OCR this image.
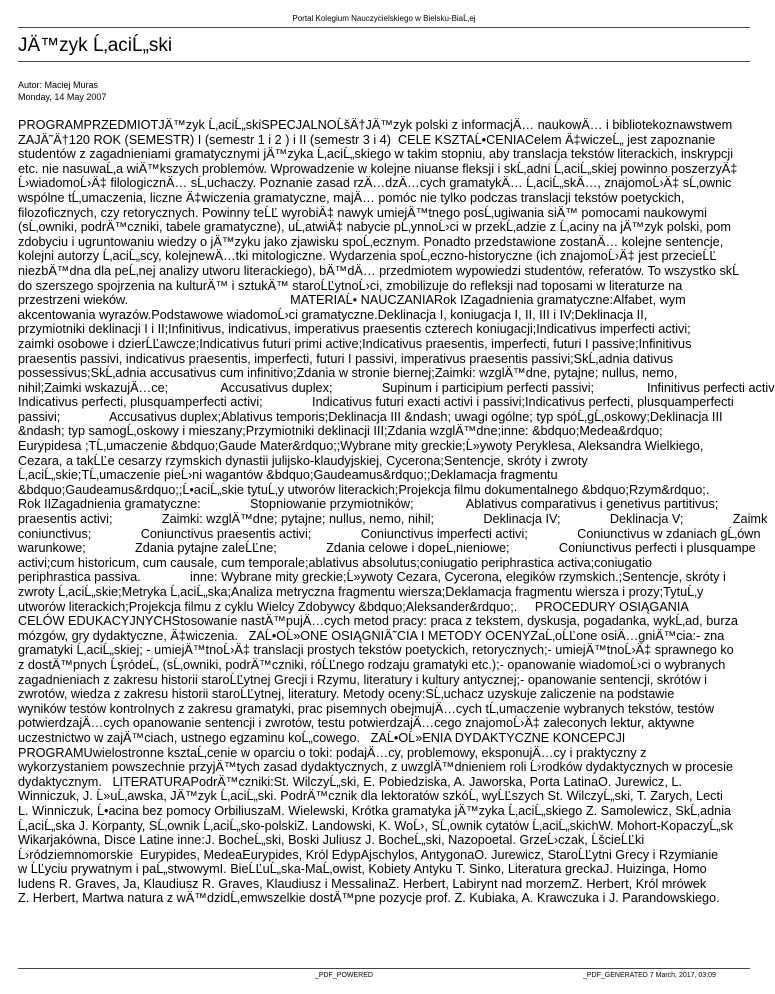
Portal Kolegium Nauczycielskiego w Bielsku-BiaĹ‚ej
JÄ™zyk Ĺ‚aciĹ„ski
Autor: Maciej Muras
Monday, 14 May 2007
PROGRAMPRZEDMIOTJÄ™zyk Ĺ‚aciĹ„skiSPECJALNOĹšÄ†JÄ™zyk polski z informacjÄ… naukowÄ… i bibliotekoznawstwem
ZAJÄ˜Ä†120 ROK (SEMESTR) I (semestr 1 i 2 ) i II (semestr 3 i 4)  CELE KSZTAĹ•CENIACelem Ä‡wiczeĹ„ jest zapoznanie
studentów z zagadnieniami gramatycznymi jÄ™zyka Ĺ‚aciĹ„skiego w takim stopniu, aby translacja tekstów literackich, inskrypcji
etc. nie nasuwaĹ‚a wiÄ™kszych problemów. Wprowadzenie w kolejne niuanse fleksji i skĹ‚adni Ĺ‚aciĹ„skiej powinno poszerzyÄ‡
Ĺ›wiadomoĹ›Ä‡ filologicznÄ… sĹ‚uchaczy. Poznanie zasad rzÄ…dzÄ…cych gramatykÄ… Ĺ‚aciĹ„skÄ…, znajomoĹ›Ä‡ sĹ‚ownic
wspólne tĹ‚umaczenia, liczne Ä‡wiczenia gramatyczne, majÄ… pomóc nie tylko podczas translacji tekstów poetyckich,
filozoficznych, czy retorycznych. Powinny teĹĽ wyrobiÄ‡ nawyk umiejÄ™tnego posĹ‚ugiwania siÄ™ pomocami naukowymi
(sĹ‚owniki, podrÄ™czniki, tabele gramatyczne), uĹ‚atwiÄ‡ nabycie pĹ‚ynnoĹ›ci w przekĹ‚adzie z Ĺ‚aciny na jÄ™zyk polski, pom
zdobyciu i ugruntowaniu wiedzy o jÄ™zyku jako zjawisku spoĹ‚ecznym. Ponadto przedstawione zostanÄ… kolejne sentencje,
kolejni autorzy Ĺ‚aciĹ„scy, kolejnewÄ…tki mitologiczne. Wydarzenia spoĹ‚eczno-historyczne (ich znajomoĹ›Ä‡ jest przecieĹĽ
niezbÄ™dna dla peĹ‚nej analizy utworu literackiego), bÄ™dÄ… przedmiotem wypowiedzi studentów, referatów. To wszystko skĹ
do szerszego spojrzenia na kulturÄ™ i sztukÄ™ staroĹĽytnoĹ›ci, zmobilizuje do refleksji nad toposami w literaturze na
przestrzeni wieków.                                              MATERIAĹ• NAUCZANIARok IZagadnienia gramatyczne:Alfabet, wym
akcentowania wyrazów.Podstawowe wiadomoĹ›ci gramatyczne.Deklinacja I, koniugacja I, II, III i IV;Deklinacja II,
przymiotniki deklinacji I i II;Infinitivus, indicativus, imperativus praesentis czterech koniugacji;Indicativus imperfecti activi;
zaimki osobowe i dzierĹĽawcze;Indicativus futuri primi active;Indicativus praesentis, imperfecti, futuri I passive;Infinitivus
praesentis passivi, indicativus praesentis, imperfecti, futuri I passivi, imperativus praesentis passivi;SkĹ‚adnia dativus
possessivus;SkĹ‚adnia accusativus cum infinitivo;Zdania w stronie biernej;Zaimki: wzglÄ™dne, pytajne; nullus, nemo,
nihil;Zaimki wskazujÄ…ce;               Accusativus duplex;              Supinum i participium perfecti passivi;               Infinitivus perfecti activ
Indicativus perfecti, plusquamperfecti activi;              Indicativus futuri exacti activi i passivi;Indicativus perfecti, plusquamperfecti
passivi;              Accusativus duplex;Ablativus temporis;Deklinacja III &ndash; uwagi ogólne; typ spóĹ‚gĹ‚oskowy;Deklinacja III
&ndash; typ samogĹ‚oskowy i mieszany;Przymiotniki deklinacji III;Zdania wzglÄ™dne;inne: &bdquo;Medea&rdquo;
Eurypidesa ;TĹ‚umaczenie &bdquo;Gaude Mater&rdquo;;Wybrane mity greckie;Ĺ»ywoty Peryklesa, Aleksandra Wielkiego,
Cezara, a takĹĽe cesarzy rzymskich dynastii julijsko-klaudyjskiej, Cycerona;Sentencje, skróty i zwroty
Ĺ‚aciĹ„skie;TĹ‚umaczenie pieĹ›ni wagantów &bdquo;Gaudeamus&rdquo;;Deklamacja fragmentu
&bdquo;Gaudeamus&rdquo;;Ĺ•aciĹ„skie tytuĹ‚y utworów literackich;Projekcja filmu dokumentalnego &bdquo;Rzym&rdquo;.
Rok IIZagadnienia gramatyczne:              Stopniowanie przymiotników;               Ablativus comparativus i genetivus partitivus;
praesentis activi;              Zaimki: wzglÄ™dne; pytajne; nullus, nemo, nihil;              Deklinacja IV;              Deklinacja V;              Zaimk
coniunctivus;              Coniunctivus praesentis activi;              Coniunctivus imperfecti activi;              Coniunctivus w zdaniach gĹ‚ówn
warunkowe;              Zdania pytajne zaleĹĽne;              Zdania celowe i dopeĹ‚nieniowe;              Coniunctivus perfecti i plusquampe
activi;cum historicum, cum causale, cum temporale;ablativus absolutus;coniugatio periphrastica activa;coniugatio
periphrastica passiva.              inne: Wybrane mity greckie;Ĺ»ywoty Cezara, Cycerona, elegików rzymskich.;Sentencje, skróty i
zwroty Ĺ‚aciĹ„skie;Metryka Ĺ‚aciĹ„ska;Analiza metryczna fragmentu wiersza;Deklamacja fragmentu wiersza i prozy;TytuĹ‚y
utworów literackich;Projekcja filmu z cyklu Wielcy Zdobywcy &bdquo;Aleksander&rdquo;.     PROCEDURY OSIĄGANIA
CELÓW EDUKACYJNYCHStosowanie nastÄ™pujÄ…cych metod pracy: praca z tekstem, dyskusja, pogadanka, wykĹ‚ad, burza
mózgów, gry dydaktyczne, Ä‡wiczenia.   ZAĹ•OĹ»ONE OSIĄGNIÄ˜CIA I METODY OCENYZaĹ‚oĹĽone osiÄ…gniÄ™cia:- zna
gramatyki Ĺ‚aciĹ„skiej; - umiejÄ™tnoĹ›Ä‡ translacji prostych tekstów poetyckich, retorycznych;- umiejÄ™tnoĹ›Ä‡ sprawnego ko
z dostÄ™pnych ĹşródeĹ‚ (sĹ‚owniki, podrÄ™czniki, róĹĽnego rodzaju gramatyki etc.);- opanowanie wiadomoĹ›ci o wybranych
zagadnieniach z zakresu historii staroĹĽytnej Grecji i Rzymu, literatury i kultury antycznej;- opanowanie sentencji, skrótów i
zwrotów, wiedza z zakresu historii staroĹĽytnej, literatury. Metody oceny:SĹ‚uchacz uzyskuje zaliczenie na podstawie
wyników testów kontrolnych z zakresu gramatyki, prac pisemnych obejmujÄ…cych tĹ‚umaczenie wybranych tekstów, testów
potwierdzajÄ…cych opanowanie sentencji i zwrotów, testu potwierdzajÄ…cego znajomoĹ›Ä‡ zaleconych lektur, aktywne
uczestnictwo w zajÄ™ciach, ustnego egzaminu koĹ„cowego.   ZAĹ•OĹ»ENIA DYDAKTYCZNE KONCEPCJI
PROGRAMUwielostronne ksztaĹ‚cenie w oparciu o toki: podajÄ…cy, problemowy, eksponujÄ…cy i praktyczny z
wykorzystaniem powszechnie przyjÄ™tych zasad dydaktycznych, z uwzglÄ™dnieniem roli Ĺ›rodków dydaktycznych w procesie
dydaktycznym.   LITERATURAPodrÄ™czniki:St. WilczyĹ„ski, E. Pobiedziska, A. Jaworska, Porta LatinaO. Jurewicz, L.
Winniczuk, J. Ĺ»uĹ‚awska, JÄ™zyk Ĺ‚aciĹ„ski. PodrÄ™cznik dla lektoratów szkóĹ‚ wyĹĽszych St. WilczyĹ„ski, T. Zarych, Lecti
L. Winniczuk, Ĺ•acina bez pomocy OrbiliuszaM. Wielewski, Krótka gramatyka jÄ™zyka Ĺ‚aciĹ„skiego Z. Samolewicz, SkĹ‚adnia
Ĺ‚aciĹ„ska J. Korpanty, SĹ‚ownik Ĺ‚aciĹ„sko-polskiZ. Landowski, K. WoĹ›, SĹ‚ownik cytatów Ĺ‚aciĹ„skichW. Mohort-KopaczyĹ„sk
Wikarjakówna, Disce Latine inne:J. BocheĹ„ski, Boski Juliusz J. BocheĹ„ski, Nazopoetal. GrzeĹ›czak, ĹšcieĹĽki
Ĺ›ródziemnomorskie  Eurypides, MedeaEurypides, Król EdypAjschylos, AntygonaO. Jurewicz, StaroĹĽytni Grecy i Rzymianie
w ĹĽyciu prywatnym i paĹ„stwowymI. BieĹĽuĹ„ska-MaĹ‚owist, Kobiety Antyku T. Sinko, Literatura greckaJ. Huizinga, Homo
ludens R. Graves, Ja, Klaudiusz R. Graves, Klaudiusz i MessalinaZ. Herbert, Labirynt nad morzemZ. Herbert, Król mrówek
Z. Herbert, Martwa natura z wÄ™dzidĹ‚emwszelkie dostÄ™pne pozycje prof. Z. Kubiaka, A. Krawczuka i J. Parandowskiego.
_PDF_POWERED	_PDF_GENERATED 7 March, 2017, 03:09
